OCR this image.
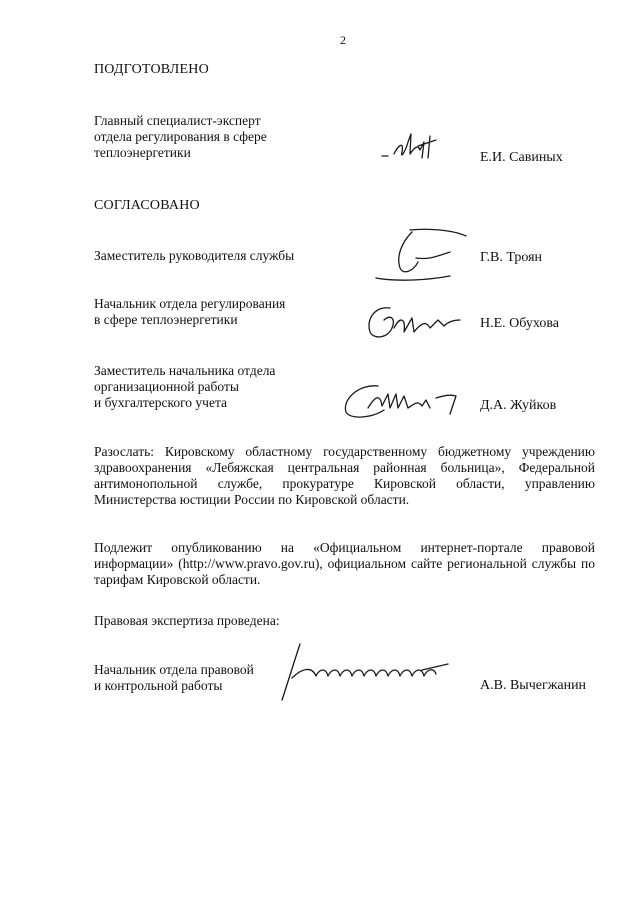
2
ПОДГОТОВЛЕНО
Главный специалист-эксперт
отдела регулирования в сфере
теплоэнергетики	Е.И. Савиных
СОГЛАСОВАНО
Заместитель руководителя службы	Г.В. Троян
Начальник отдела регулирования
в сфере теплоэнергетики	Н.Е. Обухова
Заместитель начальника отдела
организационной работы
и бухгалтерского учета	Д.А. Жуйков
Разослать: Кировскому областному государственному бюджетному учреждению здравоохранения «Лебяжская центральная районная больница», Федеральной антимонопольной службе, прокуратуре Кировской области, управлению Министерства юстиции России по Кировской области.
Подлежит опубликованию на «Официальном интернет-портале правовой информации» (http://www.pravo.gov.ru), официальном сайте региональной службы по тарифам Кировской области.
Правовая экспертиза проведена:
Начальник отдела правовой
и контрольной работы	А.В. Вычегжанин
